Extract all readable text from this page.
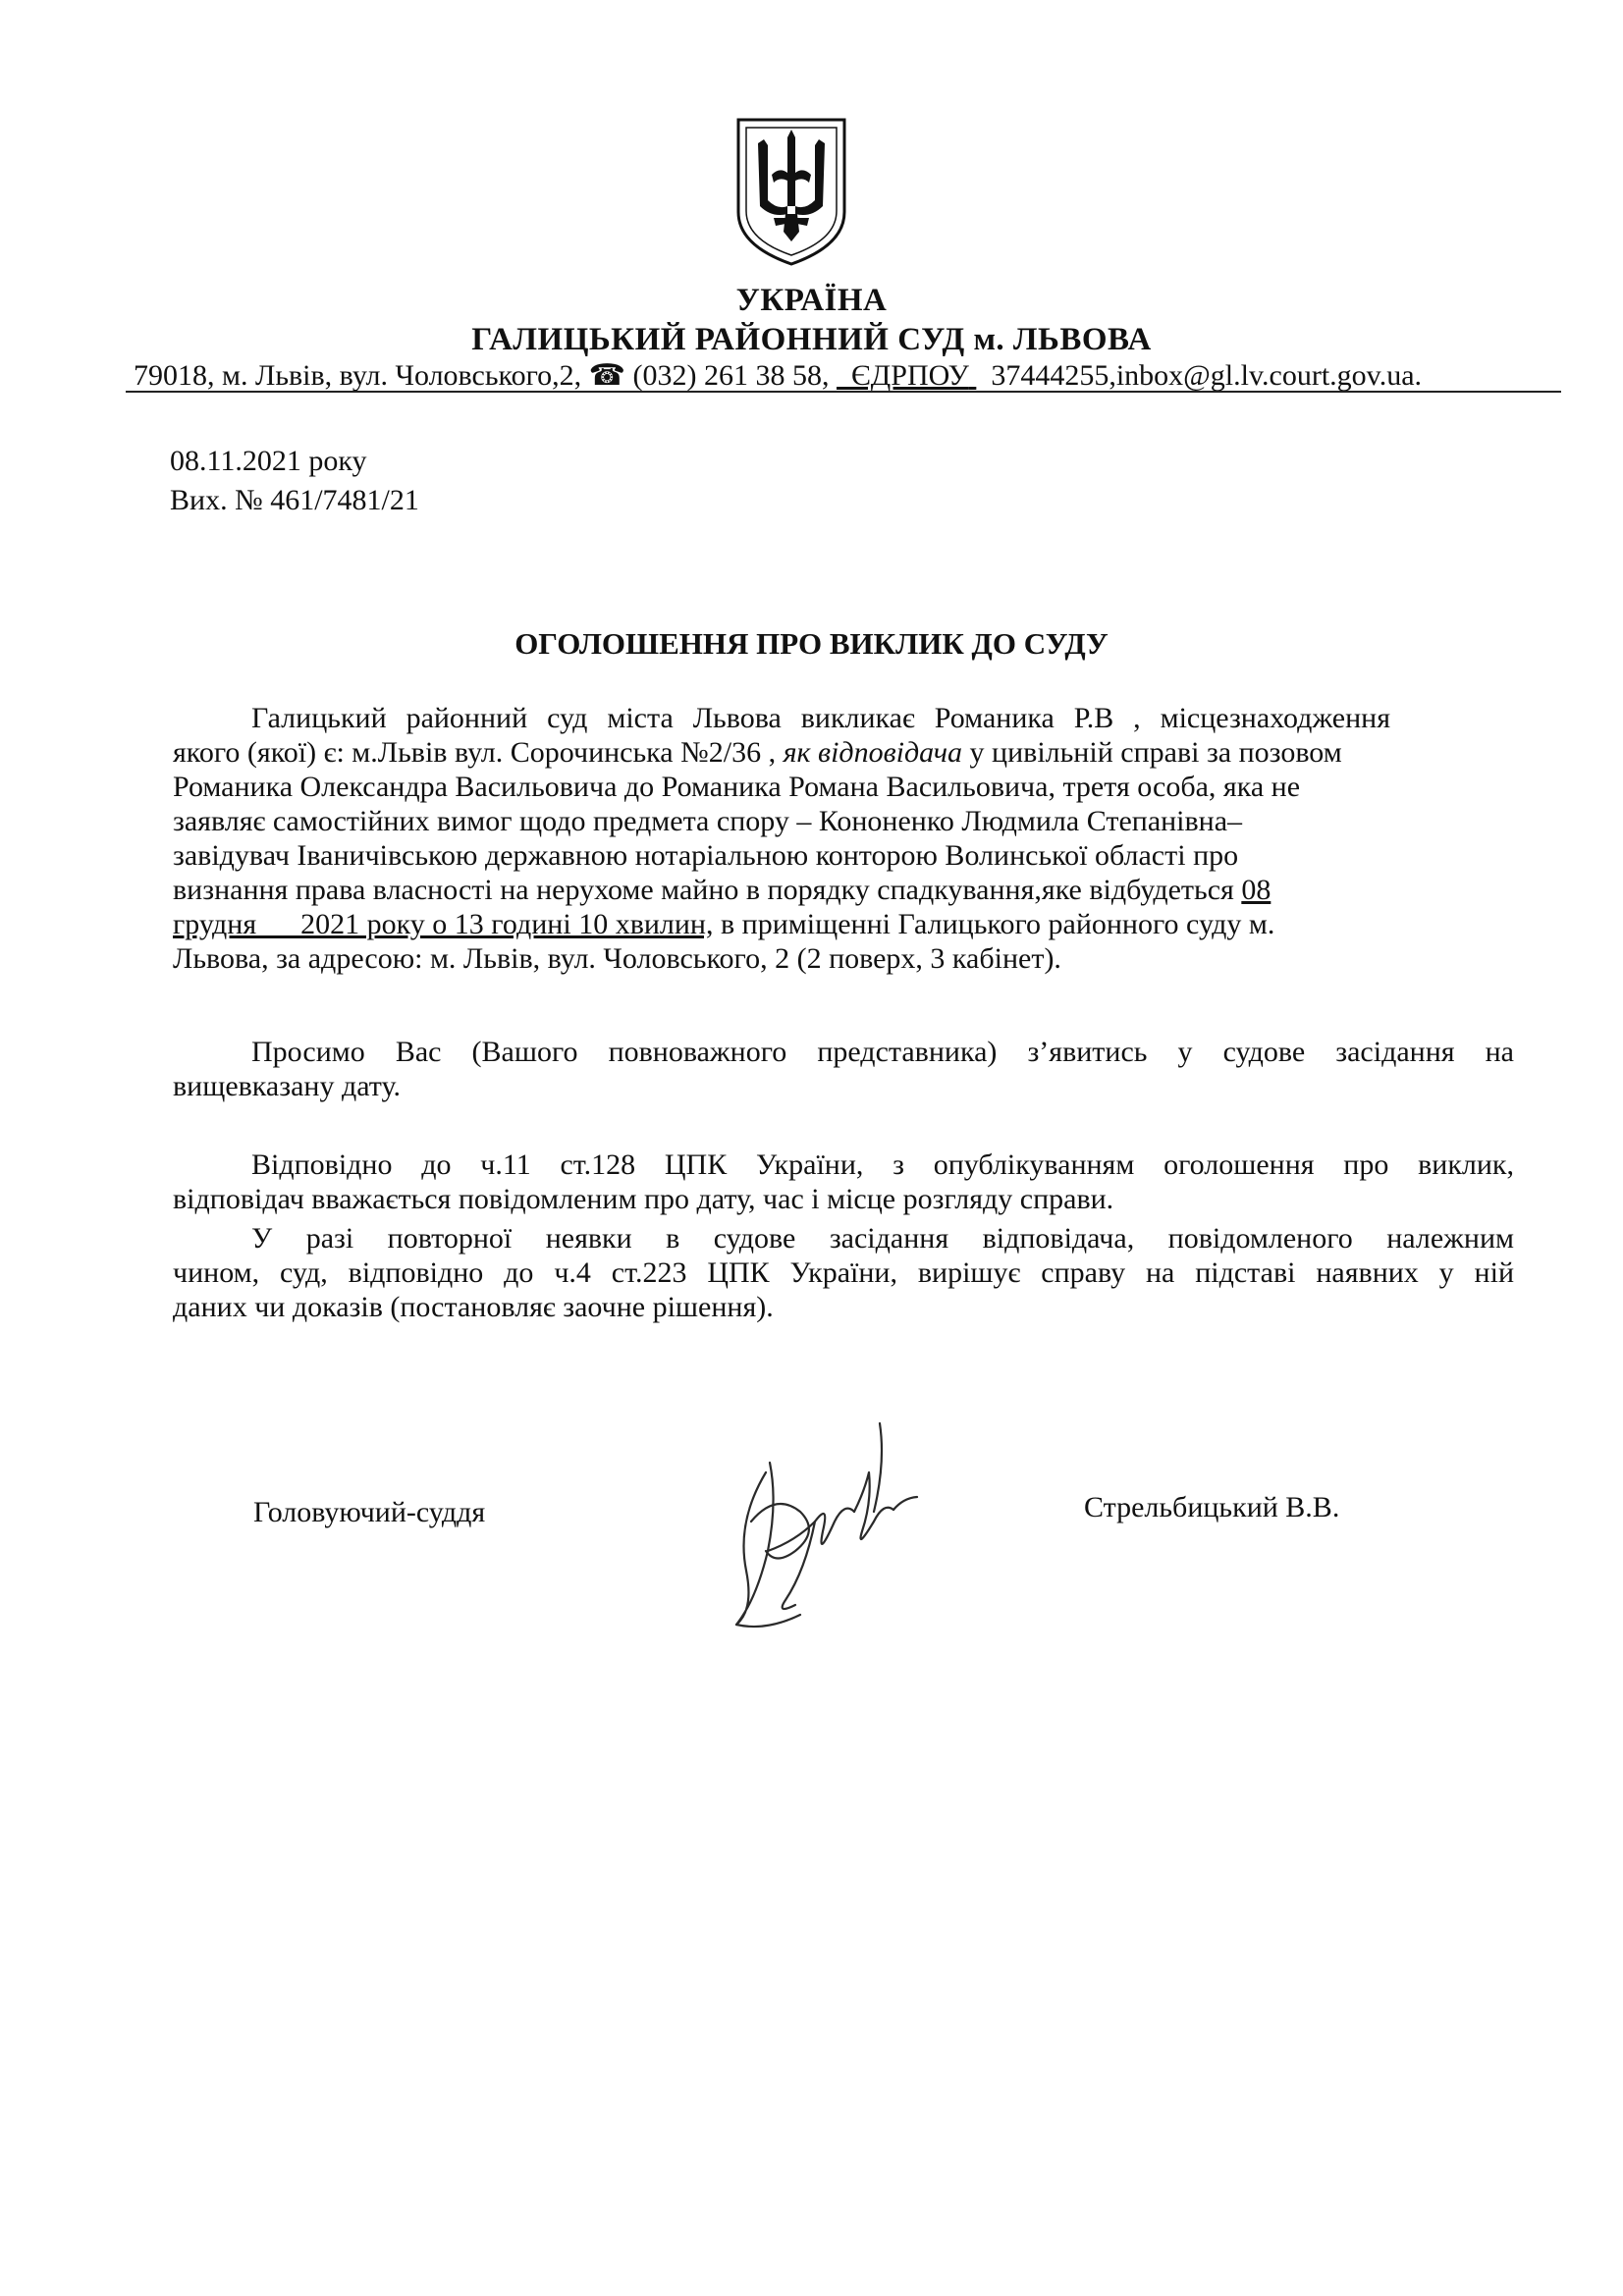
УКРАЇНА
ГАЛИЦЬКИЙ РАЙОННИЙ СУД м. ЛЬВОВА
79018, м. Львів, вул. Чоловського,2, ☎ (032) 261 38 58,   ЄДРПОУ 37444255,inbox@gl.lv.court.gov.ua.
08.11.2021 року
Вих. № 461/7481/21
ОГОЛОШЕННЯ ПРО ВИКЛИК ДО СУДУ
Галицький районний суд міста Львова викликає Романика Р.В , місцезнаходження
якого (якої) є: м.Львів вул. Сорочинська №2/36 , як відповідача у цивільній справі за позовом
Романика Олександра Васильовича до Романика Романа Васильовича, третя особа, яка не
заявляє самостійних вимог щодо предмета спору – Кононенко Людмила Степанівна–
завідувач Іваничівською державною нотаріальною конторою Волинської області про
визнання права власності на нерухоме майно в порядку спадкування,яке відбудеться 08
грудня      2021 року о 13 годині 10 хвилин, в приміщенні Галицького районного суду м.
Львова, за адресою: м. Львів, вул. Чоловського, 2 (2 поверх, 3 кабінет).
Просимо Вас (Вашого повноважного представника) з’явитись у судове засідання на
вищевказану дату.
Відповідно до ч.11 ст.128 ЦПК України, з опублікуванням оголошення про виклик,
відповідач вважається повідомленим про дату, час і місце розгляду справи.
У разі повторної неявки в судове засідання відповідача, повідомленого належним
чином, суд, відповідно до ч.4 ст.223 ЦПК України, вирішує справу на підставі наявних у ній
даних чи доказів (постановляє заочне рішення).
Головуючий-суддя	Стрельбицький В.В.
